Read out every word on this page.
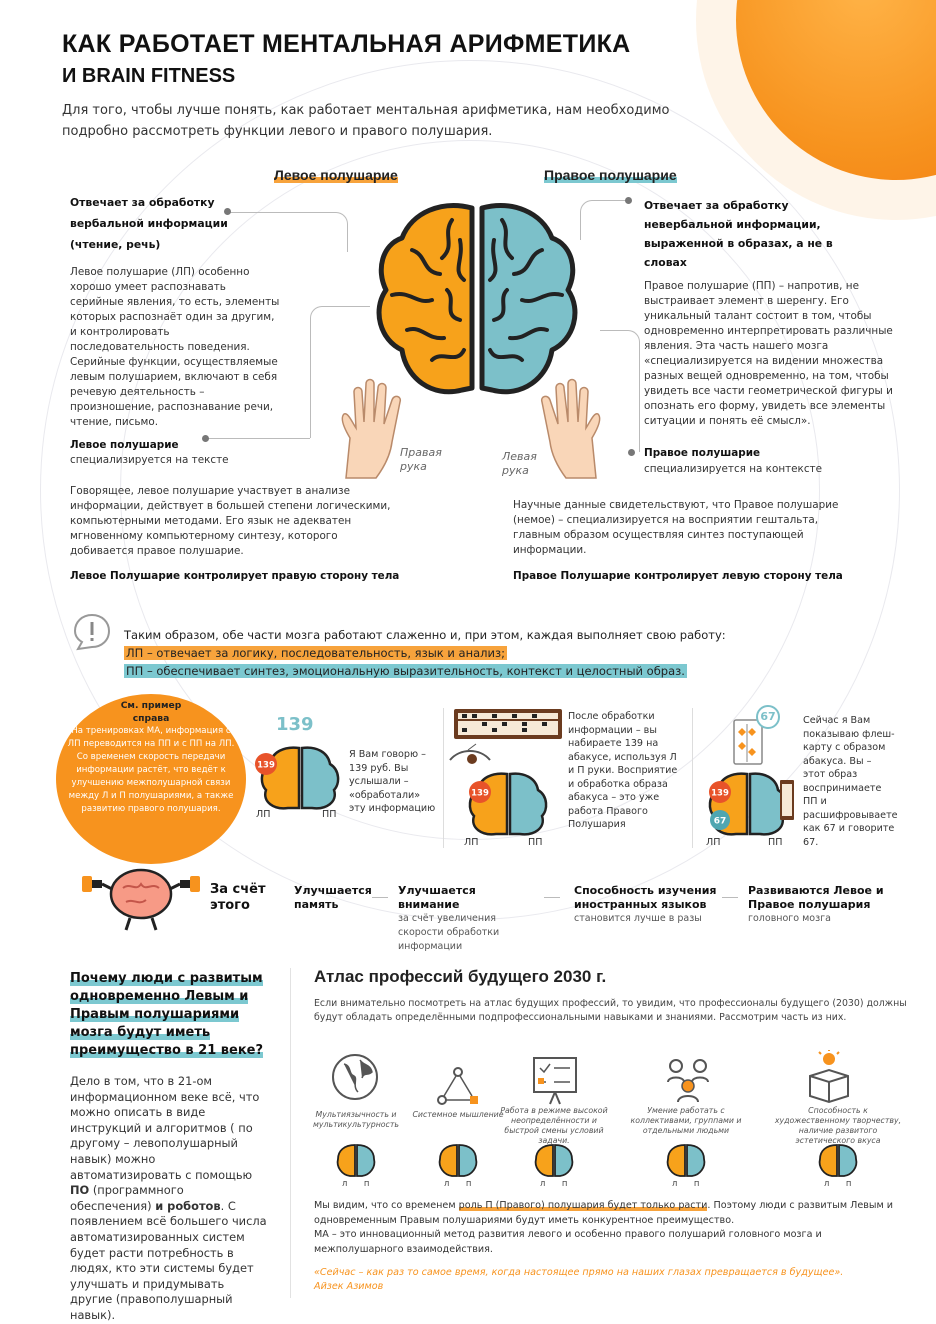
КАК РАБОТАЕТ МЕНТАЛЬНАЯ АРИФМЕТИКА
И BRAIN FITNESS
Для того, чтобы лучше понять, как работает ментальная арифметика, нам необходимо подробно рассмотреть функции левого и правого полушария.
Левое полушарие	Правое полушарие
Правая рука
Левая рука
Отвечает за обработку вербальной информации (чтение, речь)
Левое полушарие (ЛП) особенно хорошо умеет распознавать серийные явления, то есть, элементы которых распознаёт один за другим, и контролировать последовательность поведения. Серийные функции, осуществляемые левым полушарием, включают в себя речевую деятельность – произношение, распознавание речи, чтение, письмо.
Левое полушарие
специализируется на тексте
Говорящее, левое полушарие участвует в анализе информации, действует в большей степени логическими, компьютерными методами. Его язык не адекватен мгновенному компьютерному синтезу, которого добивается правое полушарие.
Левое Полушарие контролирует правую сторону тела
Отвечает за обработку невербальной информации, выраженной в образах, а не в словах
Правое полушарие (ПП) – напротив, не выстраивает элемент в шеренгу. Его уникальный талант состоит в том, чтобы одновременно интерпретировать различные явления. Эта часть нашего мозга «специализируется на видении множества разных вещей одновременно, на том, чтобы увидеть все части геометрической фигуры и опознать его форму, увидеть все элементы ситуации и понять её смысл».
Правое полушарие
специализируется на контексте
Научные данные свидетельствуют, что Правое полушарие (немое) – специализируется на восприятии гештальта, главным образом осуществляя синтез поступающей информации.
Правое Полушарие контролирует левую сторону тела
Таким образом, обе части мозга работают слаженно и, при этом, каждая выполняет свою работу:
ЛП – отвечает за логику, последовательность, язык и анализ;
ПП – обеспечивает синтез, эмоциональную выразительность, контекст и целостный образ.
См. пример справа
На тренировках МА, информация с ЛП переводится на ПП и с ПП на ЛП. Со временем скорость передачи информации растёт, что ведёт к улучшению межполушарной связи между Л и П полушариями, а также развитию правого полушария.
139
139
ЛП	ПП
Я Вам говорю – 139 руб. Вы услышали – «обработали» эту информацию
139
ЛП	ПП
После обработки информации – вы набираете 139 на абакусе, используя Л и П руки. Восприятие и обработка образа абакуса – это уже работа Правого Полушария
67
139
67
ЛП	ПП
Сейчас я Вам показываю флеш-карту с образом абакуса. Вы – этот образ воспринимаете ПП и расшифровываете как 67 и говорите 67.
За счёт этого
Улучшается память
Улучшается внимание
за счёт увеличения скорости обработки информации
Способность изучения иностранных языков
становится лучше в разы
Развиваются Левое и Правое полушария
головного мозга
Почему люди с развитым одновременно Левым и Правым полушариями мозга будут иметь преимущество в 21 веке?
Дело в том, что в 21-ом информационном веке всё, что можно описать в виде инструкций и алгоритмов ( по другому – левополушарный навык) можно автоматизировать с помощью ПО (программного обеспечения) и роботов. С появлением всё большего числа автоматизированных систем будет расти потребность в людях, кто эти системы будет улучшать и придумывать другие (правополушарный навык).
Атлас профессий будущего 2030 г.
Если внимательно посмотреть на атлас будущих профессий, то увидим, что профессионалы будущего (2030) должны будут обладать определёнными подпрофессиональными навыками и знаниями. Рассмотрим часть из них.
Мультиязычность и мультикультурность
Системное мышление
Работа в режиме высокой неопределённости и быстрой смены условий задачи.
Умение работать с коллективами, группами и отдельными людьми
Способность к художественному творчеству, наличие развитого эстетического вкуса
Л П	Л П	Л П	Л П	Л П
Мы видим, что со временем роль П (Правого) полушария будет только расти. Поэтому люди с развитым Левым и одновременным Правым полушариями будут иметь конкурентное преимущество.
МА – это инновационный метод развития левого и особенно правого полушарий головного мозга и межполушарного взаимодействия.
«Сейчас – как раз то самое время, когда настоящее прямо на наших глазах превращается в будущее».
Айзек Азимов
